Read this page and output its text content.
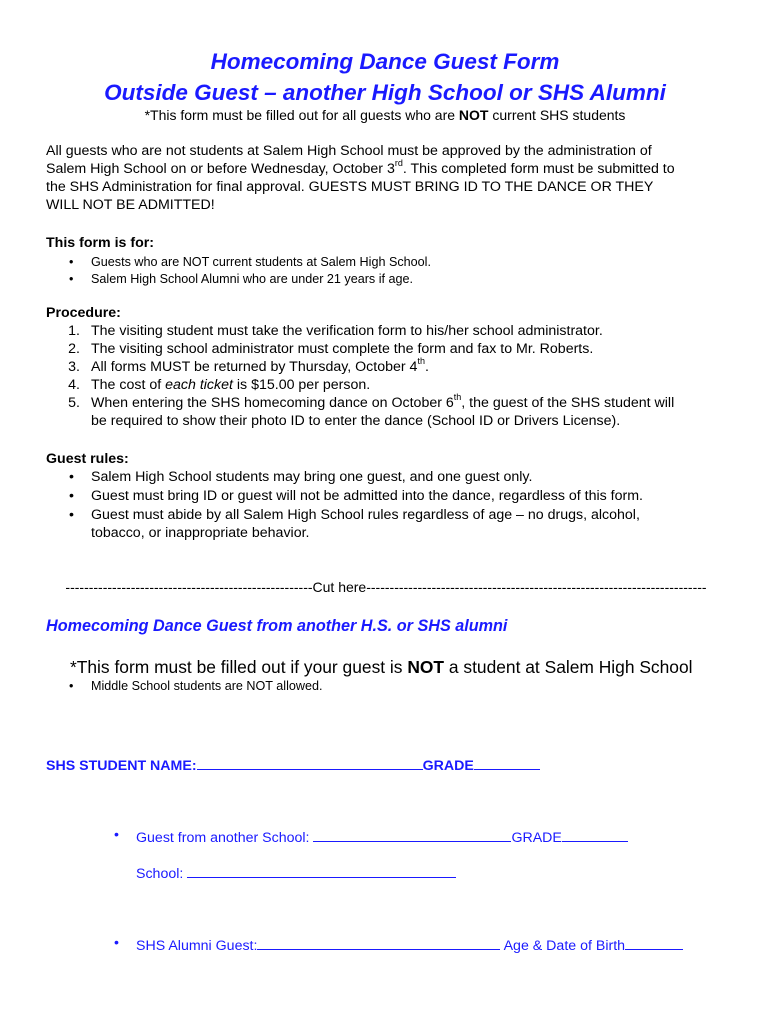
Homecoming Dance Guest Form
Outside Guest – another High School or SHS Alumni
*This form must be filled out for all guests who are NOT current SHS students
All guests who are not students at Salem High School must be approved by the administration of
Salem High School on or before Wednesday, October 3rd. This completed form must be submitted to
the SHS Administration for final approval. GUESTS MUST BRING ID TO THE DANCE OR THEY
WILL NOT BE ADMITTED!
This form is for:
• Guests who are NOT current students at Salem High School.
• Salem High School Alumni who are under 21 years if age.
Procedure:
1. The visiting student must take the verification form to his/her school administrator.
2. The visiting school administrator must complete the form and fax to Mr. Roberts.
3. All forms MUST be returned by Thursday, October 4th.
4. The cost of each ticket is $15.00 per person.
5. When entering the SHS homecoming dance on October 6th, the guest of the SHS student will
be required to show their photo ID to enter the dance (School ID or Drivers License).
Guest rules:
• Salem High School students may bring one guest, and one guest only.
• Guest must bring ID or guest will not be admitted into the dance, regardless of this form.
• Guest must abide by all Salem High School rules regardless of age – no drugs, alcohol,
tobacco, or inappropriate behavior.
-----------------------------------------------------Cut here-------------------------------------------------------------------------
Homecoming Dance Guest from another H.S. or SHS alumni
*This form must be filled out if your guest is NOT a student at Salem High School
• Middle School students are NOT allowed.
SHS STUDENT NAME:	GRADE
• Guest from another School:	GRADE
School:
• SHS Alumni Guest:	Age & Date of Birth
